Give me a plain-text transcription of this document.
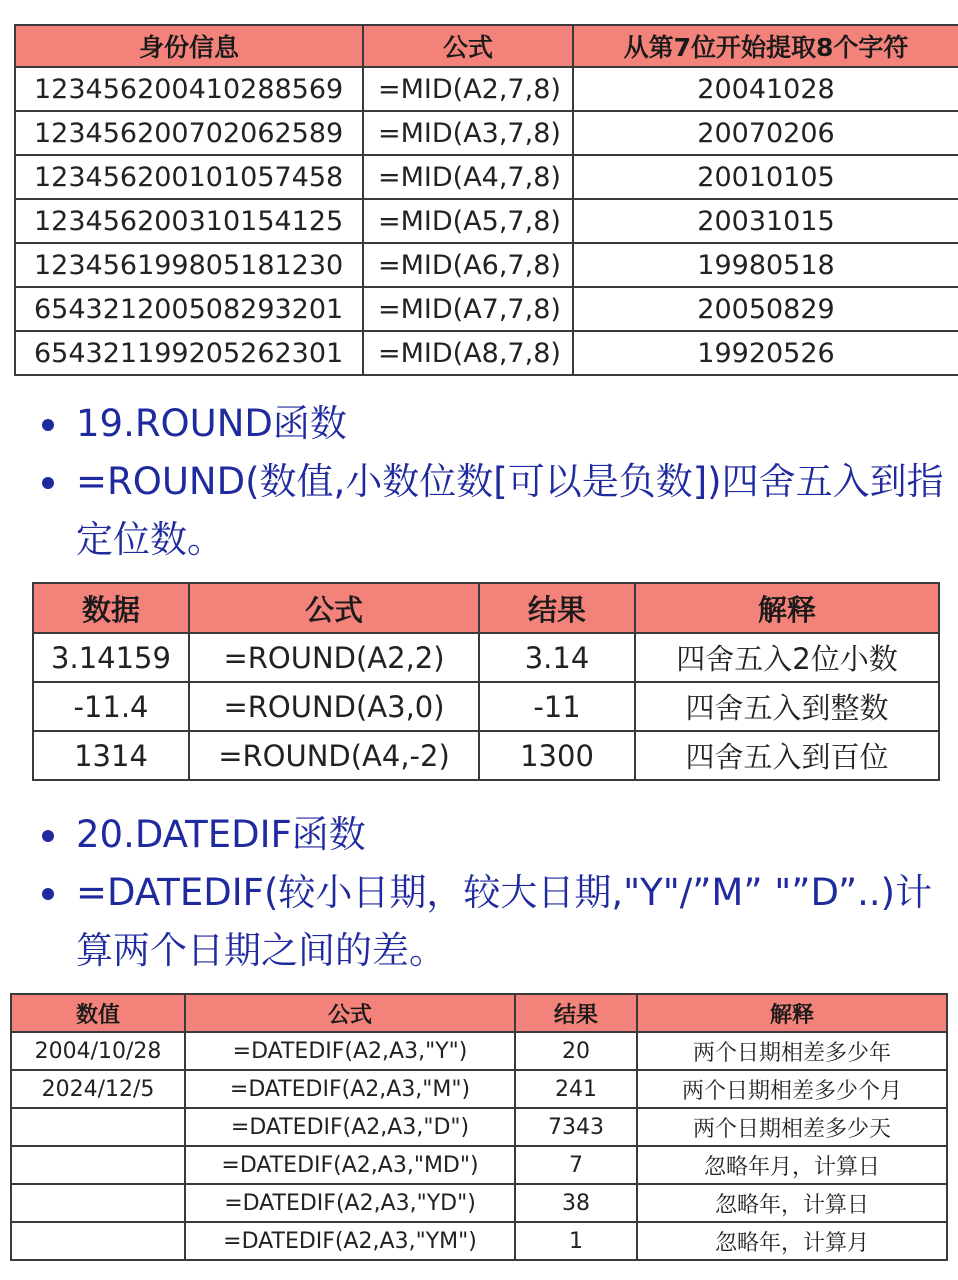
身份信息	公式	从第7位开始提取8个字符
123456200410288569	=MID(A2,7,8)	20041028
123456200702062589	=MID(A3,7,8)	20070206
123456200101057458	=MID(A4,7,8)	20010105
123456200310154125	=MID(A5,7,8)	20031015
123456199805181230	=MID(A6,7,8)	19980518
654321200508293201	=MID(A7,7,8)	20050829
654321199205262301	=MID(A8,7,8)	19920526
19.ROUND函数
=ROUND(数值,小数位数[可以是负数])四舍五入到指定位数。
数据	公式	结果	解释
3.14159	=ROUND(A2,2)	3.14	四舍五入2位小数
-11.4	=ROUND(A3,0)	-11	四舍五入到整数
1314	=ROUND(A4,-2)	1300	四舍五入到百位
20.DATEDIF函数
=DATEDIF(较小日期，较大日期,"Y"/”M” "”D”..)计算两个日期之间的差。
数值	公式	结果	解释
2004/10/28	=DATEDIF(A2,A3,"Y")	20	两个日期相差多少年
2024/12/5	=DATEDIF(A2,A3,"M")	241	两个日期相差多少个月
	=DATEDIF(A2,A3,"D")	7343	两个日期相差多少天
	=DATEDIF(A2,A3,"MD")	7	忽略年月，计算日
	=DATEDIF(A2,A3,"YD")	38	忽略年，计算日
	=DATEDIF(A2,A3,"YM")	1	忽略年，计算月
